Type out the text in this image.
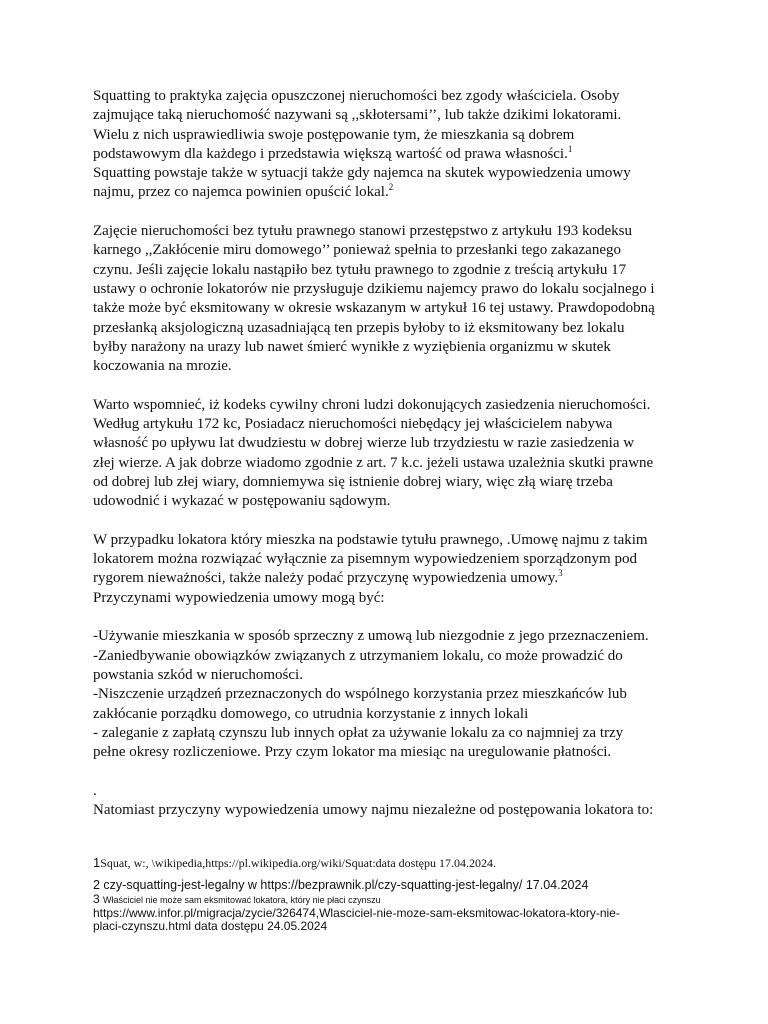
Squatting to praktyka zajęcia opuszczonej nieruchomości bez zgody właściciela. Osoby
zajmujące taką nieruchomość nazywani są ,,skłotersami’’, lub także dzikimi lokatorami.
Wielu z nich usprawiedliwia swoje postępowanie tym, że mieszkania są dobrem
podstawowym dla każdego i przedstawia większą wartość od prawa własności.$^1$

Squatting powstaje także w sytuacji także gdy najemca na skutek wypowiedzenia umowy
najmu, przez co najemca powinien opuścić lokal.$^2$

Zajęcie nieruchomości bez tytułu prawnego stanowi przestępstwo z artykułu 193 kodeksu
karnego ,,Zakłócenie miru domowego’’ ponieważ spełnia to przesłanki tego zakazanego
czynu. Jeśli zajęcie lokalu nastąpiło bez tytułu prawnego to zgodnie z treścią artykułu 17
ustawy o ochronie lokatorów nie przysługuje dzikiemu najemcy prawo do lokalu socjalnego i
także może być eksmitowany w okresie wskazanym w artykuł 16 tej ustawy. Prawdopodobną
przesłanką aksjologiczną uzasadniającą ten przepis byłoby to iż eksmitowany bez lokalu
byłby narażony na urazy lub nawet śmierć wynikłe z wyziębienia organizmu w skutek
koczowania na mrozie.

Warto wspomnieć, iż kodeks cywilny chroni ludzi dokonujących zasiedzenia nieruchomości.
Według artykułu 172 kc, Posiadacz nieruchomości niebędący jej właścicielem nabywa
własność po upływu lat dwudziestu w dobrej wierze lub trzydziestu w razie zasiedzenia w
złej wierze. A jak dobrze wiadomo zgodnie z art. 7 k.c. jeżeli ustawa uzależnia skutki prawne
od dobrej lub złej wiary, domniemywa się istnienie dobrej wiary, więc złą wiarę trzeba
udowodnić i wykazać w postępowaniu sądowym.

W przypadku lokatora który mieszka na podstawie tytułu prawnego, .Umowę najmu z takim
lokatorem można rozwiązać wyłącznie za pisemnym wypowiedzeniem sporządzonym pod
rygorem nieważności, także należy podać przyczynę wypowiedzenia umowy.$^3$
Przyczynami wypowiedzenia umowy mogą być:

-Używanie mieszkania w sposób sprzeczny z umową lub niezgodnie z jego przeznaczeniem.
-Zaniedbywanie obowiązków związanych z utrzymaniem lokalu, co może prowadzić do
powstania szkód w nieruchomości.
-Niszczenie urządzeń przeznaczonych do wspólnego korzystania przez mieszkańców lub
zakłócanie porządku domowego, co utrudnia korzystanie z innych lokali
- zaleganie z zapłatą czynszu lub innych opłat za używanie lokalu za co najmniej za trzy
pełne okresy rozliczeniowe. Przy czym lokator ma miesiąc na uregulowanie płatności.

.
Natomiast przyczyny wypowiedzenia umowy najmu niezależne od postępowania lokatora to:

1Squat, w:, \wikipedia,https://pl.wikipedia.org/wiki/Squat:data dostępu 17.04.2024.

2 czy-squatting-jest-legalny w https://bezprawnik.pl/czy-squatting-jest-legalny/ 17.04.2024

3 Właściciel nie może sam eksmitować lokatora, który nie płaci czynszu
https://www.infor.pl/migracja/zycie/326474,Wlasciciel-nie-moze-sam-eksmitowac-lokatora-ktory-nie-
placi-czynszu.html data dostępu 24.05.2024
